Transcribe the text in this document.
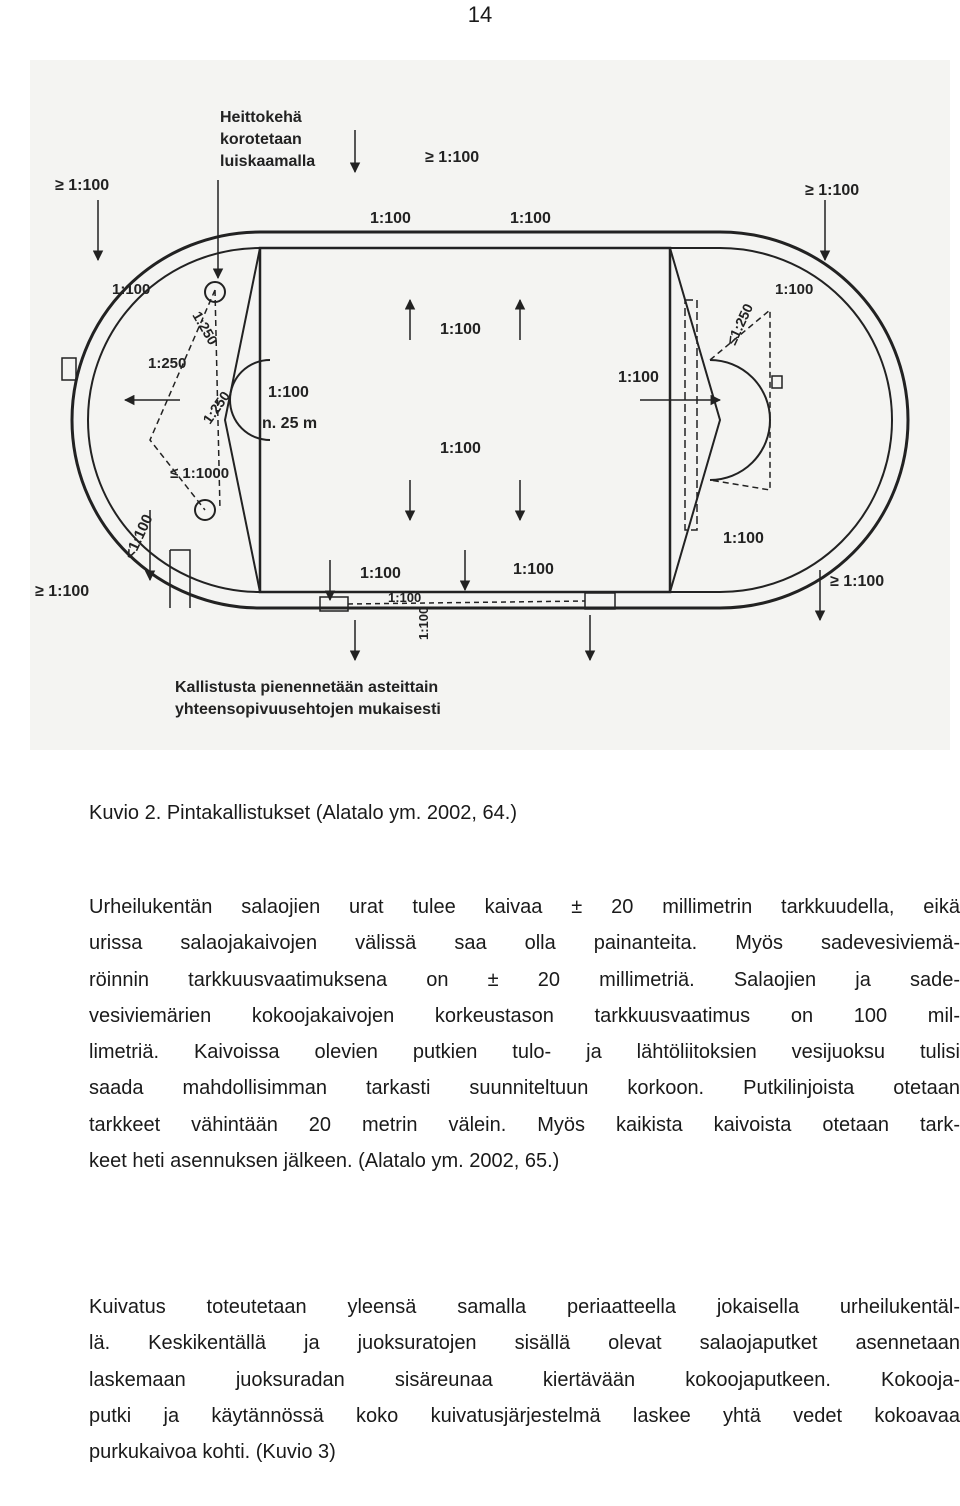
14
Heittokehä
korotetaan
luiskaamalla	≥ 1:100
≥ 1:100	≥ 1:100
1:100	1:100
1:100	1:100
1:250
1:250
1:250
≤1:250
1:100
n. 25 m
≤ 1:1000
<1:100
1:100
1:100
1:100
1:100
≥ 1:100
≥ 1:100
1:100	1:100
1:100
1:100
Kallistusta pienennetään asteittain
yhteensopivuusehtojen mukaisesti
Kuvio 2. Pintakallistukset (Alatalo ym. 2002, 64.)

Urheilukentän salaojien urat tulee kaivaa ± 20 millimetrin tarkkuudella, eikä
urissa salaojakaivojen välissä saa olla painanteita. Myös sadevesiviemä-
röinnin tarkkuusvaatimuksena on ± 20 millimetriä. Salaojien ja sade-
vesiviemärien kokoojakaivojen korkeustason tarkkuusvaatimus on 100 mil-
limetriä. Kaivoissa olevien putkien tulo- ja lähtöliitoksien vesijuoksu tulisi
saada mahdollisimman tarkasti suunniteltuun korkoon. Putkilinjoista otetaan
tarkkeet vähintään 20 metrin välein. Myös kaikista kaivoista otetaan tark-
keet heti asennuksen jälkeen. (Alatalo ym. 2002, 65.)

Kuivatus toteutetaan yleensä samalla periaatteella jokaisella urheilukentäl-
lä. Keskikentällä ja juoksuratojen sisällä olevat salaojaputket asennetaan
laskemaan juoksuradan sisäreunaa kiertävään kokoojaputkeen. Kokooja-
putki ja käytännössä koko kuivatusjärjestelmä laskee yhtä vedet kokoavaa
purkukaivoa kohti. (Kuvio 3)
